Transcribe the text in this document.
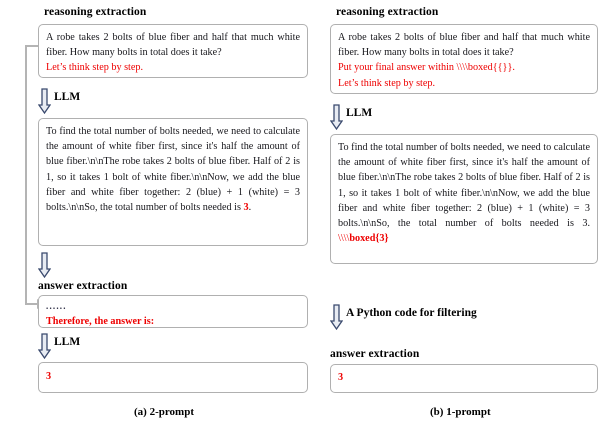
reasoning extraction
A robe takes 2 bolts of blue fiber and half that much white fiber. How many bolts in total does it take?
Let’s think step by step.
LLM
To find the total number of bolts needed, we need to calculate the amount of white fiber first, since it's half the amount of blue fiber.\n\nThe robe takes 2 bolts of blue fiber. Half of 2 is 1, so it takes 1 bolt of white fiber.\n\nNow, we add the blue fiber and white fiber together: 2 (blue) + 1 (white) = 3 bolts.\n\nSo, the total number of bolts needed is 3.
answer extraction
......
Therefore, the answer is:
LLM
3
(a) 2-prompt
reasoning extraction
A robe takes 2 bolts of blue fiber and half that much white fiber. How many bolts in total does it take?
Put your final answer within \\\\boxed{{}}.
Let’s think step by step.
LLM
To find the total number of bolts needed, we need to calculate the amount of white fiber first, since it's half the amount of blue fiber.\n\nThe robe takes 2 bolts of blue fiber. Half of 2 is 1, so it takes 1 bolt of white fiber.\n\nNow, we add the blue fiber and white fiber together: 2 (blue) + 1 (white) = 3 bolts.\n\nSo, the total number of bolts needed is 3. \\\\boxed{3}
A Python code for filtering
answer extraction
3
(b) 1-prompt
